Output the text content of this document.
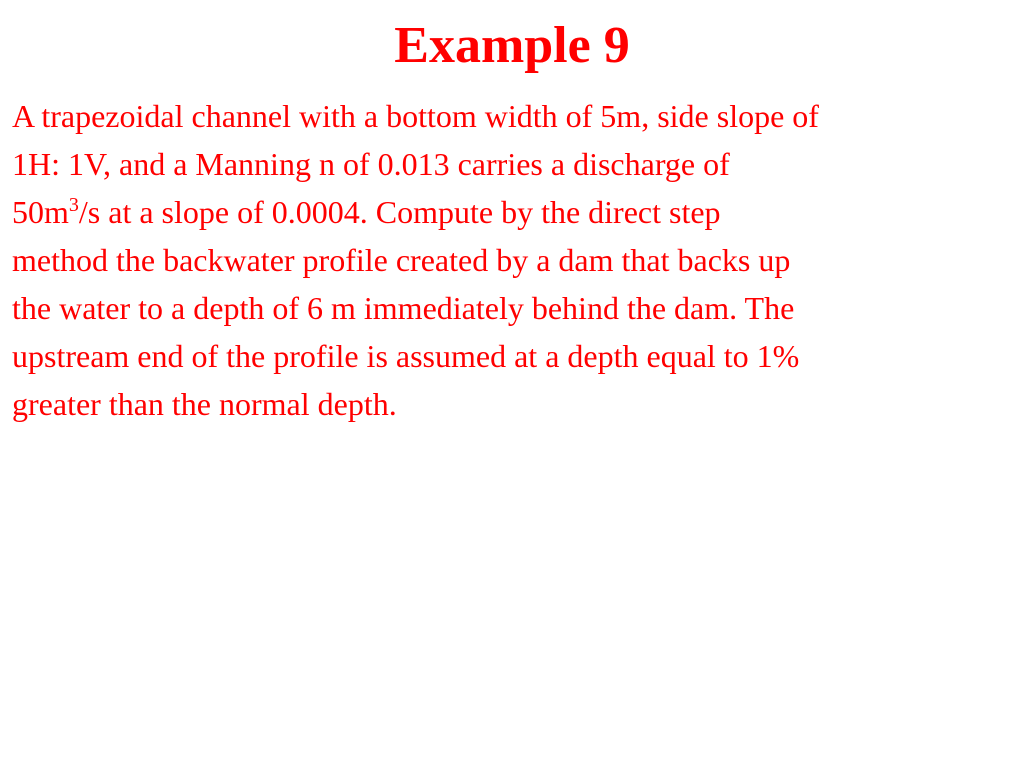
Example 9

A trapezoidal channel with a bottom width of 5m, side slope of
1H: 1V, and a Manning n of 0.013 carries a discharge of
$50m^3/s$ at a slope of 0.0004. Compute by the direct step
method the backwater profile created by a dam that backs up
the water to a depth of 6 m immediately behind the dam. The
upstream end of the profile is assumed at a depth equal to 1%
greater than the normal depth.
